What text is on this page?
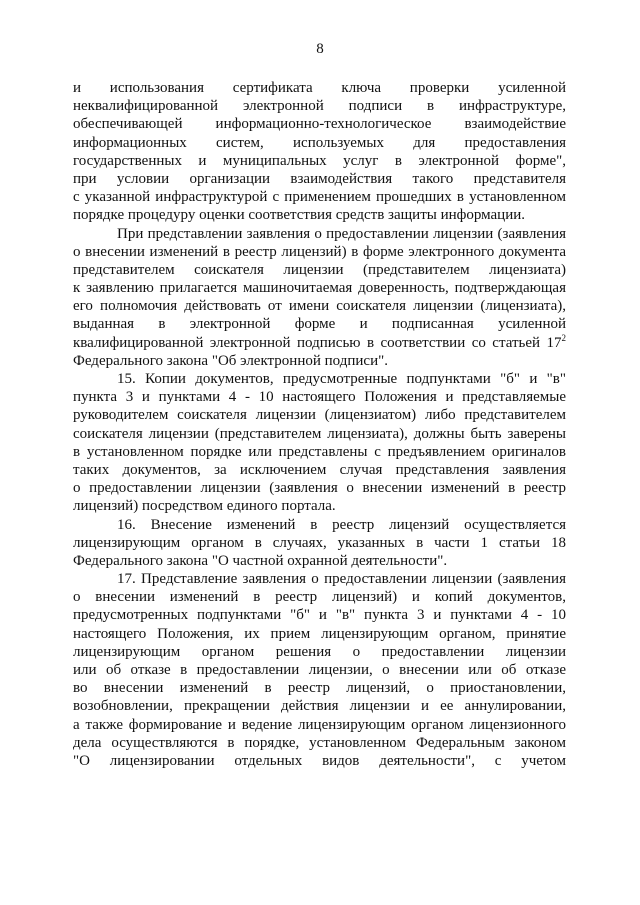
8

и использования сертификата ключа проверки усиленной
неквалифицированной электронной подписи в инфраструктуре,
обеспечивающей информационно-технологическое взаимодействие
информационных систем, используемых для предоставления
государственных и муниципальных услуг в электронной форме",
при условии организации взаимодействия такого представителя
с указанной инфраструктурой с применением прошедших в установленном
порядке процедуру оценки соответствия средств защиты информации.

При представлении заявления о предоставлении лицензии (заявления
о внесении изменений в реестр лицензий) в форме электронного документа
представителем соискателя лицензии (представителем лицензиата)
к заявлению прилагается машиночитаемая доверенность, подтверждающая
его полномочия действовать от имени соискателя лицензии (лицензиата),
выданная в электронной форме и подписанная усиленной
квалифицированной электронной подписью в соответствии со статьей $17^2$
Федерального закона "Об электронной подписи".

15. Копии документов, предусмотренные подпунктами "б" и "в"
пункта 3 и пунктами 4 - 10 настоящего Положения и представляемые
руководителем соискателя лицензии (лицензиатом) либо представителем
соискателя лицензии (представителем лицензиата), должны быть заверены
в установленном порядке или представлены с предъявлением оригиналов
таких документов, за исключением случая представления заявления
о предоставлении лицензии (заявления о внесении изменений в реестр
лицензий) посредством единого портала.

16. Внесение изменений в реестр лицензий осуществляется
лицензирующим органом в случаях, указанных в части 1 статьи 18
Федерального закона "О частной охранной деятельности".

17. Представление заявления о предоставлении лицензии (заявления
о внесении изменений в реестр лицензий) и копий документов,
предусмотренных подпунктами "б" и "в" пункта 3 и пунктами 4 - 10
настоящего Положения, их прием лицензирующим органом, принятие
лицензирующим органом решения о предоставлении лицензии
или об отказе в предоставлении лицензии, о внесении или об отказе
во внесении изменений в реестр лицензий, о приостановлении,
возобновлении, прекращении действия лицензии и ее аннулировании,
а также формирование и ведение лицензирующим органом лицензионного
дела осуществляются в порядке, установленном Федеральным законом
"О лицензировании отдельных видов деятельности", с учетом
